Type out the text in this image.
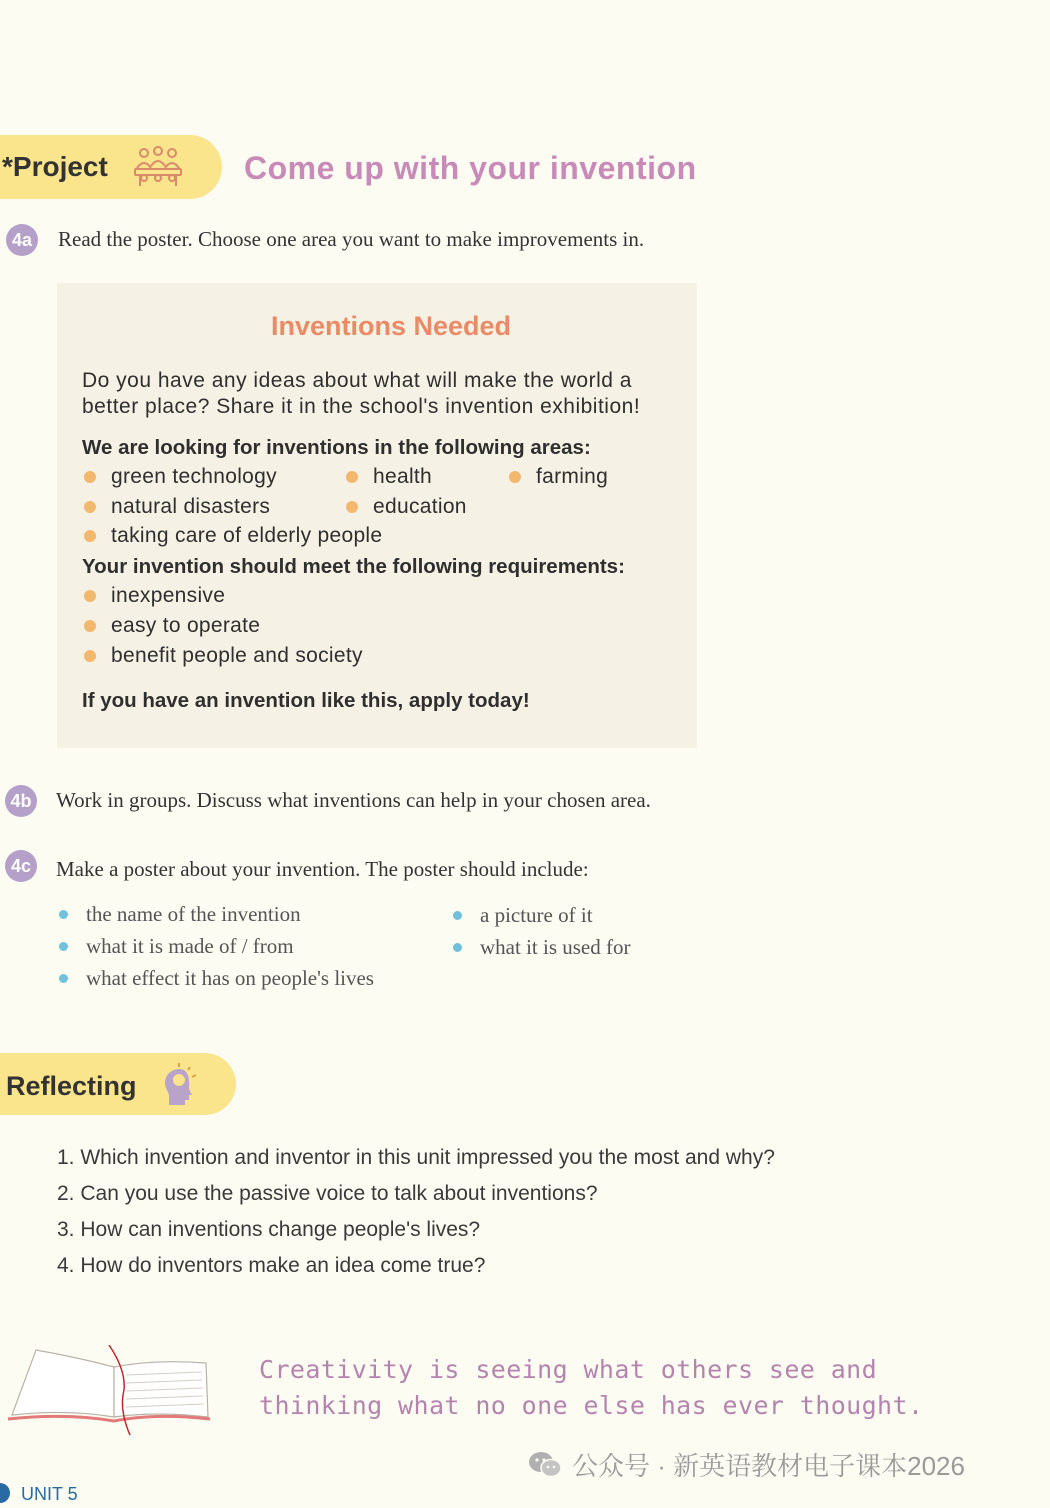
*Project	Come up with your invention
4a Read the poster. Choose one area you want to make improvements in.
Inventions Needed
Do you have any ideas about what will make the world a
better place? Share it in the school's invention exhibition!
We are looking for inventions in the following areas:
green technology	health	farming
natural disasters	education
taking care of elderly people
Your invention should meet the following requirements:
inexpensive
easy to operate
benefit people and society
If you have an invention like this, apply today!
4b Work in groups. Discuss what inventions can help in your chosen area.
4c Make a poster about your invention. The poster should include:
the name of the invention	a picture of it
what it is made of / from	what it is used for
what effect it has on people's lives
Reflecting
1. Which invention and inventor in this unit impressed you the most and why?
2. Can you use the passive voice to talk about inventions?
3. How can inventions change people's lives?
4. How do inventors make an idea come true?
Creativity is seeing what others see and
thinking what no one else has ever thought.
公众号 · 新英语教材电子课本2026
UNIT 5
